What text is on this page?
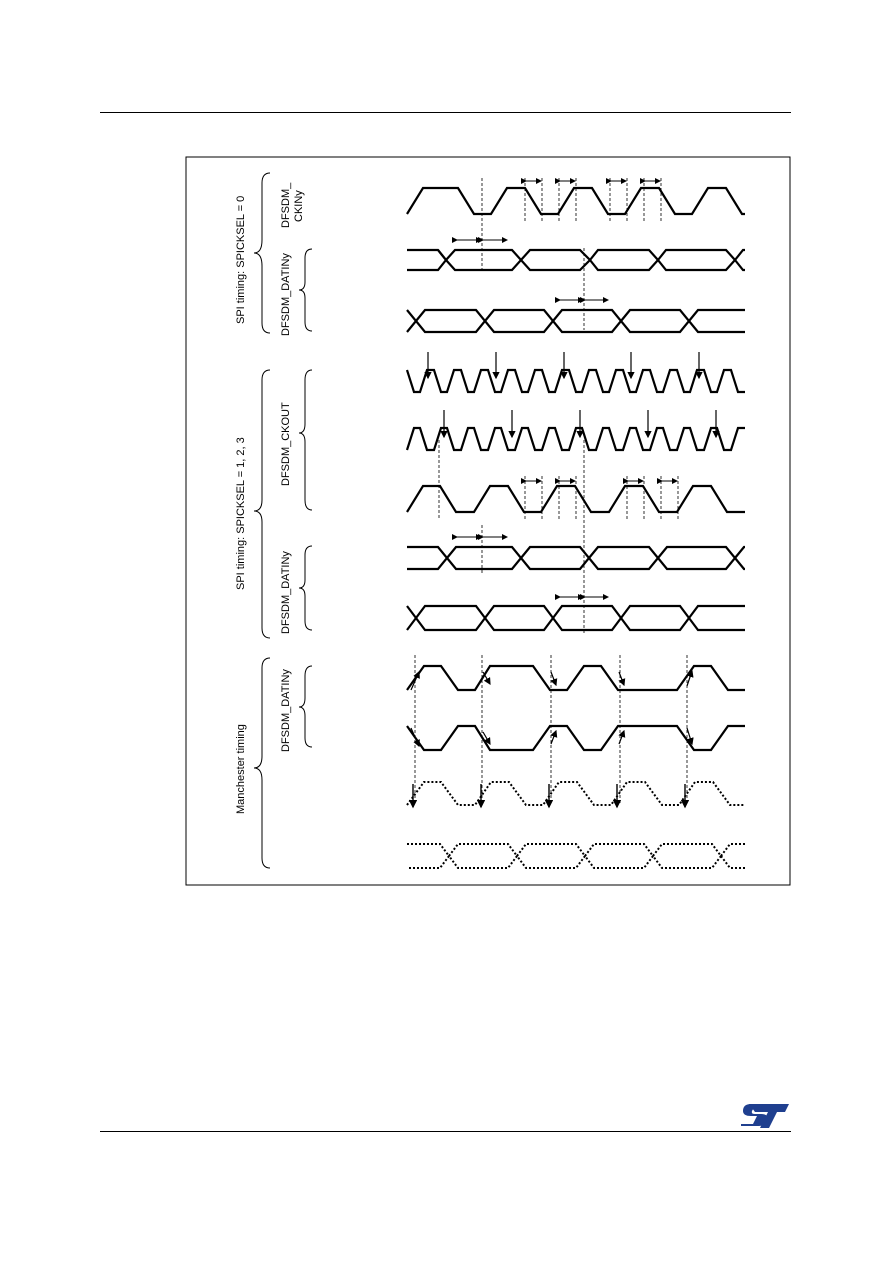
SPI timing: SPICKSEL = 0
SPI timing: SPICKSEL = 1, 2, 3
Manchester timing
DFSDM_ CKINy
DFSDM_DATINy
DFSDM_CKOUT
DFSDM_DATINy
DFSDM_DATINy
